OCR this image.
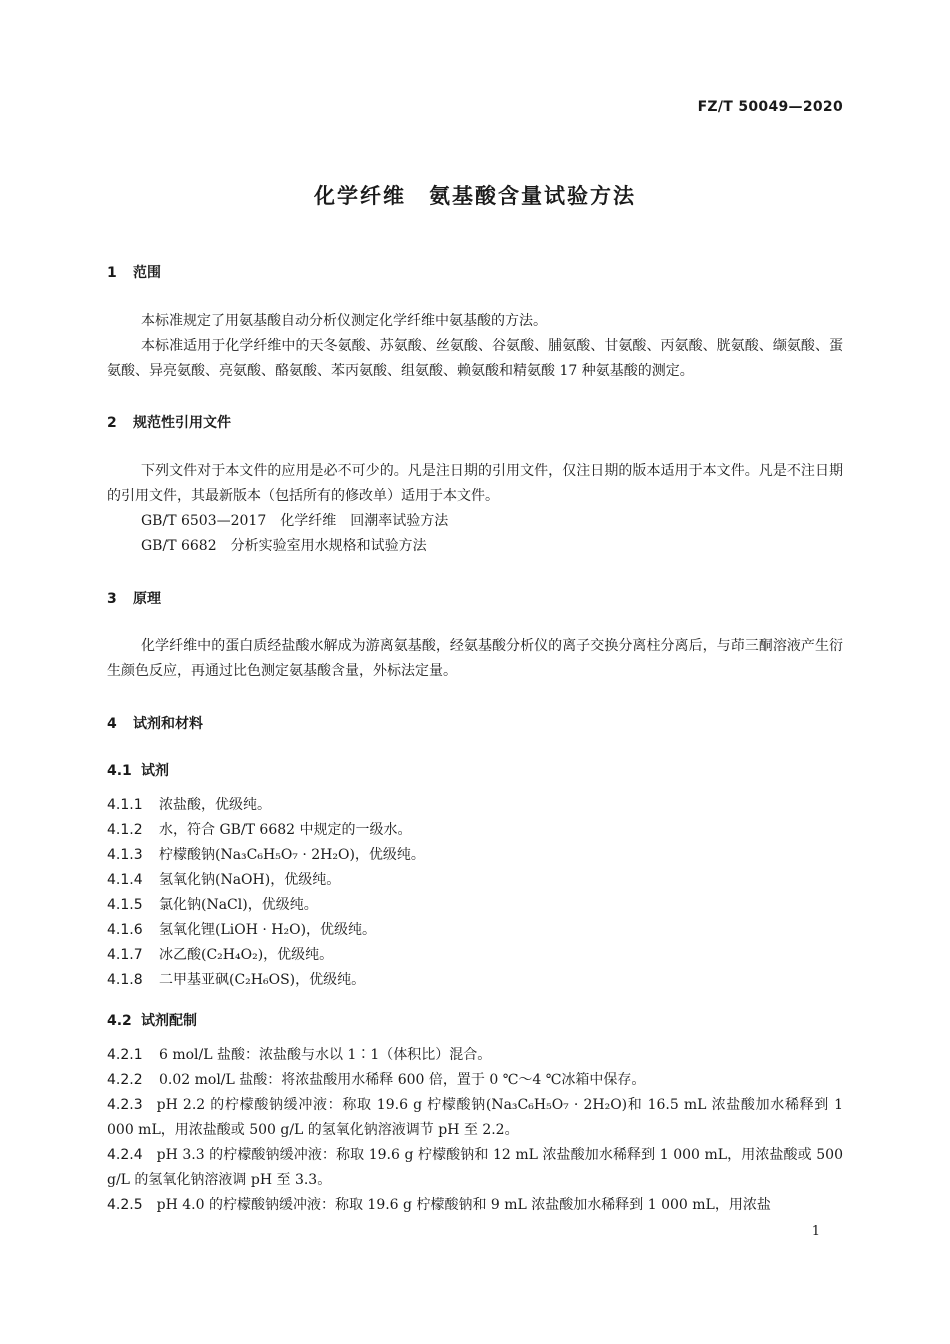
FZ/T 50049—2020
化学纤维　氨基酸含量试验方法
1 范围

本标准规定了用氨基酸自动分析仪测定化学纤维中氨基酸的方法。

本标准适用于化学纤维中的天冬氨酸、苏氨酸、丝氨酸、谷氨酸、脯氨酸、甘氨酸、丙氨酸、胱氨酸、缬氨酸、蛋氨酸、异亮氨酸、亮氨酸、酪氨酸、苯丙氨酸、组氨酸、赖氨酸和精氨酸 17 种氨基酸的测定。

2 规范性引用文件

下列文件对于本文件的应用是必不可少的。凡是注日期的引用文件，仅注日期的版本适用于本文件。凡是不注日期的引用文件，其最新版本（包括所有的修改单）适用于本文件。

GB/T 6503—2017　化学纤维　回潮率试验方法
GB/T 6682　分析实验室用水规格和试验方法
3 原理

化学纤维中的蛋白质经盐酸水解成为游离氨基酸，经氨基酸分析仪的离子交换分离柱分离后，与茚三酮溶液产生衍生颜色反应，再通过比色测定氨基酸含量，外标法定量。

4 试剂和材料
4.1 试剂
4.1.1 浓盐酸，优级纯。
4.1.2 水，符合 GB/T 6682 中规定的一级水。
4.1.3 柠檬酸钠(Na₃C₆H₅O₇ · 2H₂O)，优级纯。
4.1.4 氢氧化钠(NaOH)，优级纯。
4.1.5 氯化钠(NaCl)，优级纯。
4.1.6 氢氧化锂(LiOH · H₂O)，优级纯。
4.1.7 冰乙酸(C₂H₄O₂)，优级纯。
4.1.8 二甲基亚砜(C₂H₆OS)，优级纯。
4.2 试剂配制
4.2.1 6 mol/L 盐酸：浓盐酸与水以 1∶1（体积比）混合。
4.2.2 0.02 mol/L 盐酸：将浓盐酸用水稀释 600 倍，置于 0 ℃～4 ℃冰箱中保存。

4.2.3 pH 2.2 的柠檬酸钠缓冲液：称取 19.6 g 柠檬酸钠(Na₃C₆H₅O₇ · 2H₂O)和 16.5 mL 浓盐酸加水稀释到 1 000 mL，用浓盐酸或 500 g/L 的氢氧化钠溶液调节 pH 至 2.2。

4.2.4 pH 3.3 的柠檬酸钠缓冲液：称取 19.6 g 柠檬酸钠和 12 mL 浓盐酸加水稀释到 1 000 mL，用浓盐酸或 500 g/L 的氢氧化钠溶液调 pH 至 3.3。

4.2.5 pH 4.0 的柠檬酸钠缓冲液：称取 19.6 g 柠檬酸钠和 9 mL 浓盐酸加水稀释到 1 000 mL，用浓盐

1
